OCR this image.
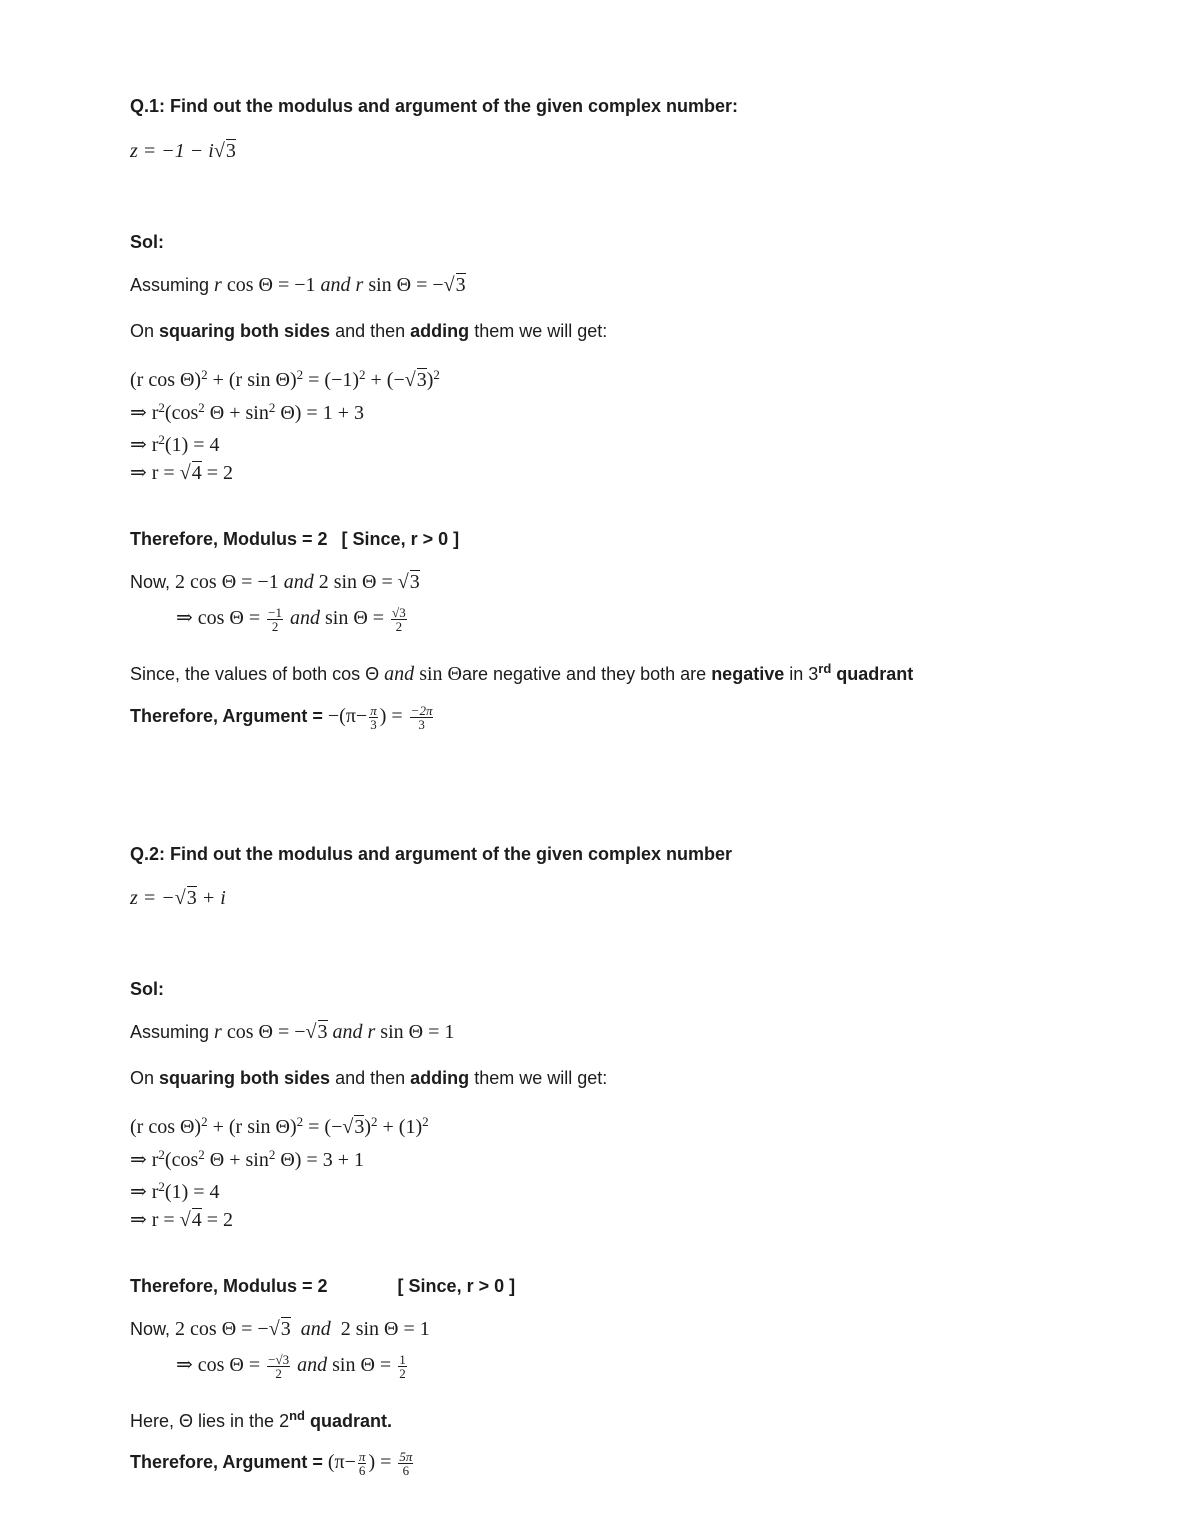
Q.1: Find out the modulus and argument of the given complex number:
z = −1 − i√3
Sol:
Assuming r cos Θ = −1 and r sin Θ = −√3
On squaring both sides and then adding them we will get:
(r cos Θ)$^2$ + (r $\sin \Theta)^2 = (-1)^2 + (-√3)^2$
⇒ $r^2(\cos^2$ $\Theta + \sin^2 \Theta) = 1 + 3$
⇒ $r^2(1) = 4$
⇒ r = √4 = 2
Therefore, Modulus = 2 [ Since, r > 0 ]
Now, 2 cos Θ = −1 and 2 sin Θ = √3
⇒ $\cos \Theta = \frac{-1}{2}$ and $\sin \Theta = \frac{√3}{2}$
Since, the values of both cos Θ and sin Θare negative and they both are negative in 3rd quadrant
Therefore, Argument = $-(\pi- \frac{\pi}{3}$ ) = $\frac{-2\pi}{3}$
Q.2: Find out the modulus and argument of the given complex number
z = −√3 + i
Sol:
Assuming r cos Θ = −√3 and r sin Θ = 1
On squaring both sides and then adding them we will get:
(r cos Θ)$^2$ + (r $\sin \Theta)^2 = (-√3)^2 + (1)^2$
⇒ $r^2(\cos^2$ $\Theta + \sin^2 \Theta) = 3 + 1$
⇒ $r^2(1) = 4$
⇒ r = √4 = 2
Therefore, Modulus = 2	[ Since, r > 0 ]
Now, 2 cos Θ = −√3 and 2 sin Θ = 1
⇒ $\cos \Theta = \frac{-√3}{2}$ and $\sin \Theta = \frac{1}{2}$
Here, Θ lies in the 2nd quadrant.
Therefore, Argument = ($\pi- \frac{\pi}{6}$ ) = $\frac{5\pi}{6}$
